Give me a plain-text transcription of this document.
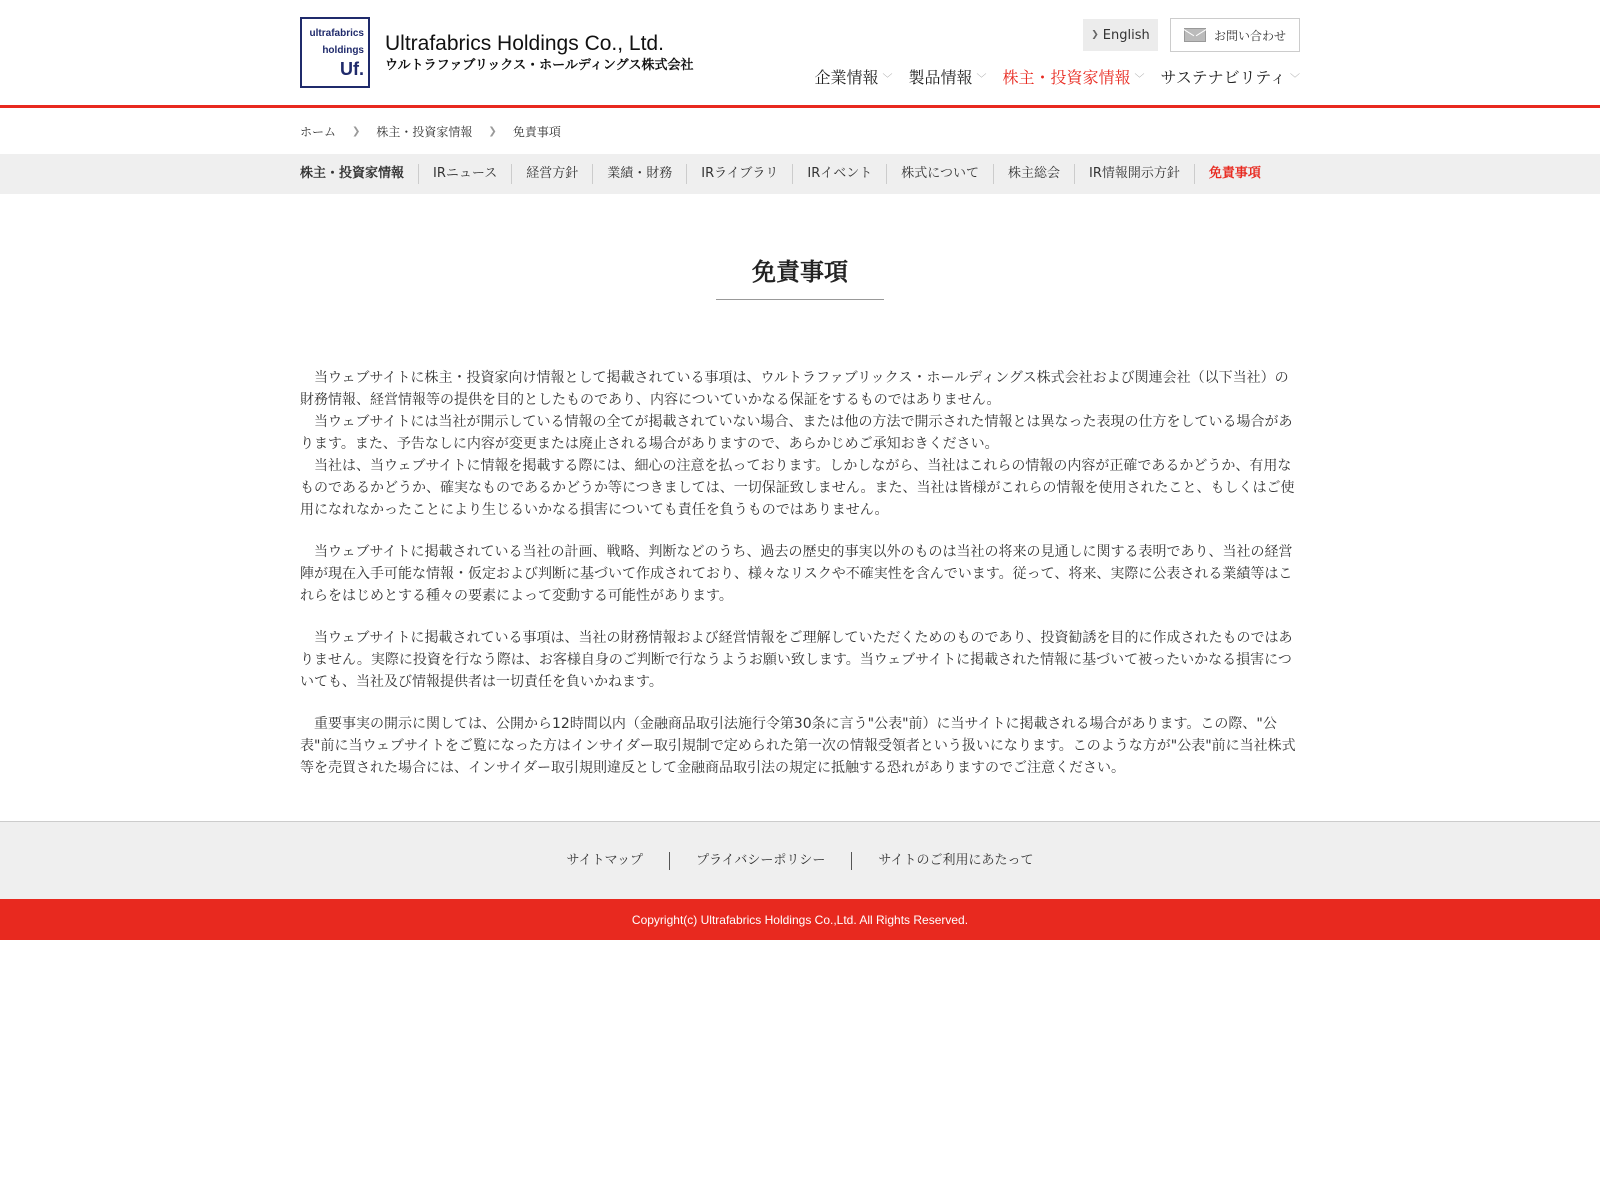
ultrafabrics
holdings
Uf.
Ultrafabrics Holdings Co., Ltd.
ウルトラファブリックス・ホールディングス株式会社
❯ English	お問い合わせ
企業情報 ﹀ 製品情報 ﹀ 株主・投資家情報 ﹀ サステナビリティ ﹀
ホーム ❯ 株主・投資家情報 ❯ 免責事項
株主・投資家情報	IRニュース	経営方針	業績・財務	IRライブラリ	IRイベント	株式について	株主総会	IR情報開示方針	免責事項
免責事項

当ウェブサイトに株主・投資家向け情報として掲載されている事項は、ウルトラファブリックス・ホールディングス株式会社および関連会社（以下当社）の財務情報、経営情報等の提供を目的としたものであり、内容についていかなる保証をするものではありません。

当ウェブサイトには当社が開示している情報の全てが掲載されていない場合、または他の方法で開示された情報とは異なった表現の仕方をしている場合があります。また、予告なしに内容が変更または廃止される場合がありますので、あらかじめご承知おきください。

当社は、当ウェブサイトに情報を掲載する際には、細心の注意を払っております。しかしながら、当社はこれらの情報の内容が正確であるかどうか、有用なものであるかどうか、確実なものであるかどうか等につきましては、一切保証致しません。また、当社は皆様がこれらの情報を使用されたこと、もしくはご使用になれなかったことにより生じるいかなる損害についても責任を負うものではありません。

当ウェブサイトに掲載されている当社の計画、戦略、判断などのうち、過去の歴史的事実以外のものは当社の将来の見通しに関する表明であり、当社の経営陣が現在入手可能な情報・仮定および判断に基づいて作成されており、様々なリスクや不確実性を含んでいます。従って、将来、実際に公表される業績等はこれらをはじめとする種々の要素によって変動する可能性があります。

当ウェブサイトに掲載されている事項は、当社の財務情報および経営情報をご理解していただくためのものであり、投資勧誘を目的に作成されたものではありません。実際に投資を行なう際は、お客様自身のご判断で行なうようお願い致します。当ウェブサイトに掲載された情報に基づいて被ったいかなる損害についても、当社及び情報提供者は一切責任を負いかねます。

重要事実の開示に関しては、公開から12時間以内（金融商品取引法施行令第30条に言う"公表"前）に当サイトに掲載される場合があります。この際、"公表"前に当ウェブサイトをご覧になった方はインサイダー取引規制で定められた第一次の情報受領者という扱いになります。このような方が"公表"前に当社株式等を売買された場合には、インサイダー取引規則違反として金融商品取引法の規定に抵触する恐れがありますのでご注意ください。

サイトマップ	プライバシーポリシー	サイトのご利用にあたって
Copyright(c) Ultrafabrics Holdings Co.,Ltd. All Rights Reserved.
